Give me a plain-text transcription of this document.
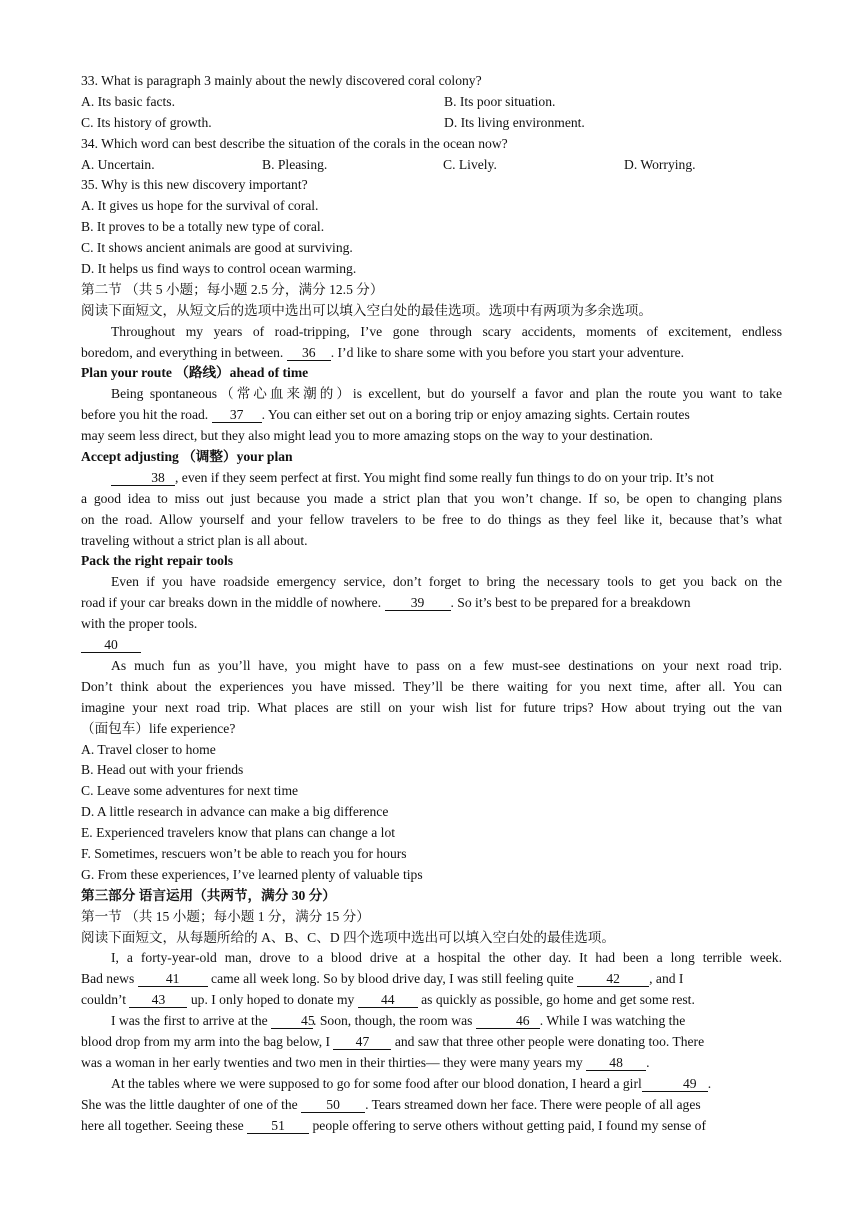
33. What is paragraph 3 mainly about the newly discovered coral colony?
A. Its basic facts.	B. Its poor situation.
C. Its history of growth.	D. Its living environment.
34. Which word can best describe the situation of the corals in the ocean now?
A. Uncertain.	B. Pleasing.	C. Lively.	D. Worrying.
35. Why is this new discovery important?
A. It gives us hope for the survival of coral.
B. It proves to be a totally new type of coral.
C. It shows ancient animals are good at surviving.
D. It helps us find ways to control ocean warming.
第二节 （共 5 小题；每小题 2.5 分，满分 12.5 分）
阅读下面短文，从短文后的选项中选出可以填入空白处的最佳选项。选项中有两项为多余选项。
Throughout my years of road-tripping, I’ve gone through scary accidents, moments of excitement, endless
boredom, and everything in between. 36 . I’d like to share some with you before you start your adventure.
Plan your route （路线）ahead of time
Being spontaneous（常心血来潮的）is excellent, but do yourself a favor and plan the route you want to take
before you hit the road. 37 . You can either set out on a boring trip or enjoy amazing sights. Certain routes
may seem less direct, but they also might lead you to more amazing stops on the way to your destination.
Accept adjusting （调整）your plan
38 , even if they seem perfect at first. You might find some really fun things to do on your trip. It’s not
a good idea to miss out just because you made a strict plan that you won’t change. If so, be open to changing plans
on the road. Allow yourself and your fellow travelers to be free to do things as they feel like it, because that’s what
traveling without a strict plan is all about.
Pack the right repair tools
Even if you have roadside emergency service, don’t forget to bring the necessary tools to get you back on the
road if your car breaks down in the middle of nowhere. 39 . So it’s best to be prepared for a breakdown
with the proper tools.
40
As much fun as you’ll have, you might have to pass on a few must-see destinations on your next road trip.
Don’t think about the experiences you have missed. They’ll be there waiting for you next time, after all. You can
imagine your next road trip. What places are still on your wish list for future trips? How about trying out the van
（面包车）life experience?
A. Travel closer to home
B. Head out with your friends
C. Leave some adventures for next time
D. A little research in advance can make a big difference
E. Experienced travelers know that plans can change a lot
F. Sometimes, rescuers won’t be able to reach you for hours
G. From these experiences, I’ve learned plenty of valuable tips
第三部分 语言运用（共两节，满分 30 分）
第一节 （共 15 小题；每小题 1 分，满分 15 分）
阅读下面短文，从每题所给的 A、B、C、D 四个选项中选出可以填入空白处的最佳选项。
I, a forty-year-old man, drove to a blood drive at a hospital the other day. It had been a long terrible week.
Bad news 41 came all week long. So by blood drive day, I was still feeling quite 42 , and I
couldn’t 43 up. I only hoped to donate my 44 as quickly as possible, go home and get some rest.
I was the first to arrive at the 45. Soon, though, the room was	46 . While I was watching the
blood drop from my arm into the bag below, I 47 and saw that three other people were donating too. There
was a woman in her early twenties and two men in their thirties— they were many years my 48 .
At the tables where we were supposed to go for some food after our blood donation, I heard a girl	49 .
She was the little daughter of one of the 50 . Tears streamed down her face. There were people of all ages
here all together. Seeing these 51 people offering to serve others without getting paid, I found my sense of
